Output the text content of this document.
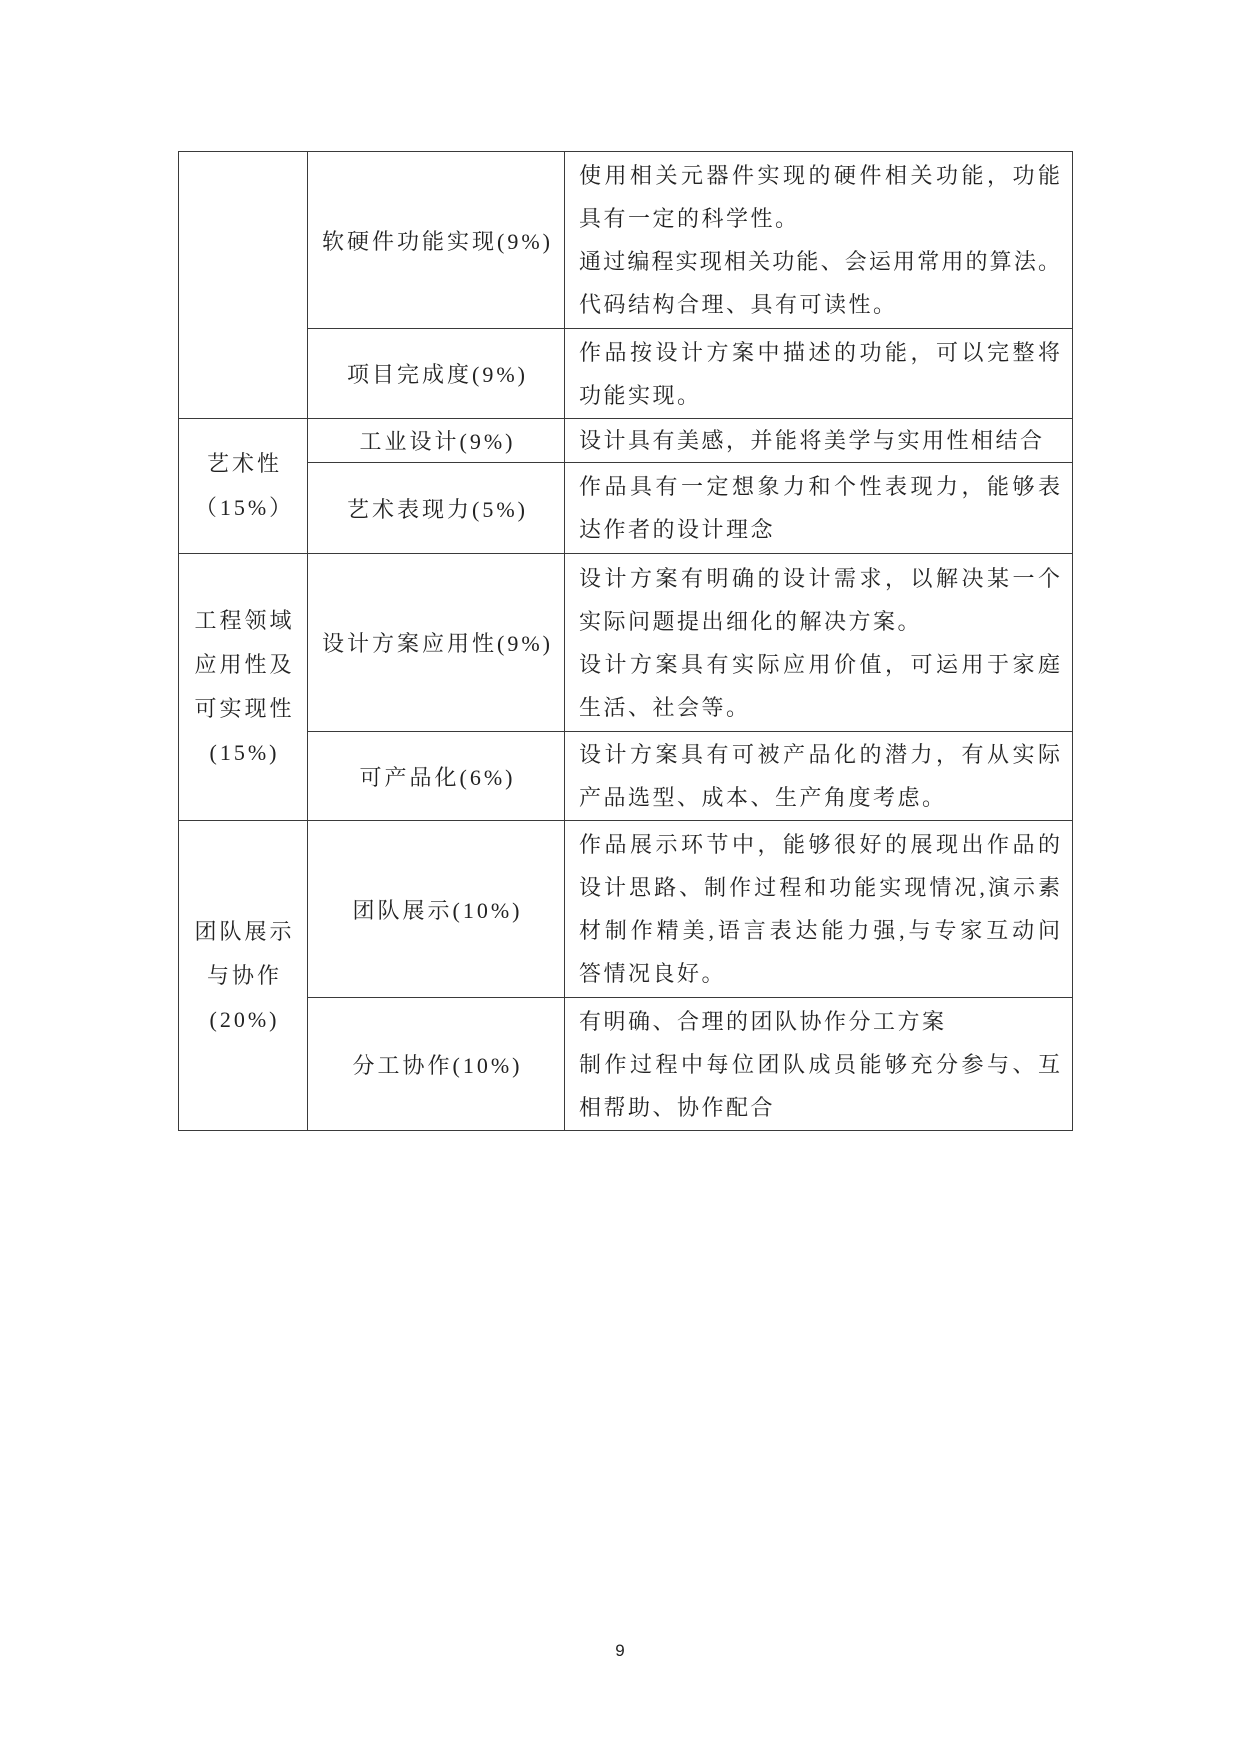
软硬件功能实现(9%)
使用相关元器件实现的硬件相关功能，功能
具有一定的科学性。
通过编程实现相关功能、会运用常用的算法。
代码结构合理、具有可读性。
项目完成度(9%)
作品按设计方案中描述的功能，可以完整将
功能实现。
艺术性
（15%）
工业设计(9%)	设计具有美感，并能将美学与实用性相结合
艺术表现力(5%)
作品具有一定想象力和个性表现力，能够表
达作者的设计理念
工程领域
应用性及
可实现性
(15%)
设计方案应用性(9%)
设计方案有明确的设计需求，以解决某一个
实际问题提出细化的解决方案。
设计方案具有实际应用价值，可运用于家庭
生活、社会等。
可产品化(6%)
设计方案具有可被产品化的潜力，有从实际
产品选型、成本、生产角度考虑。
团队展示
与协作
(20%)
团队展示(10%)
作品展示环节中，能够很好的展现出作品的
设计思路、制作过程和功能实现情况,演示素
材制作精美,语言表达能力强,与专家互动问
答情况良好。
分工协作(10%)
有明确、合理的团队协作分工方案
制作过程中每位团队成员能够充分参与、互
相帮助、协作配合
9
